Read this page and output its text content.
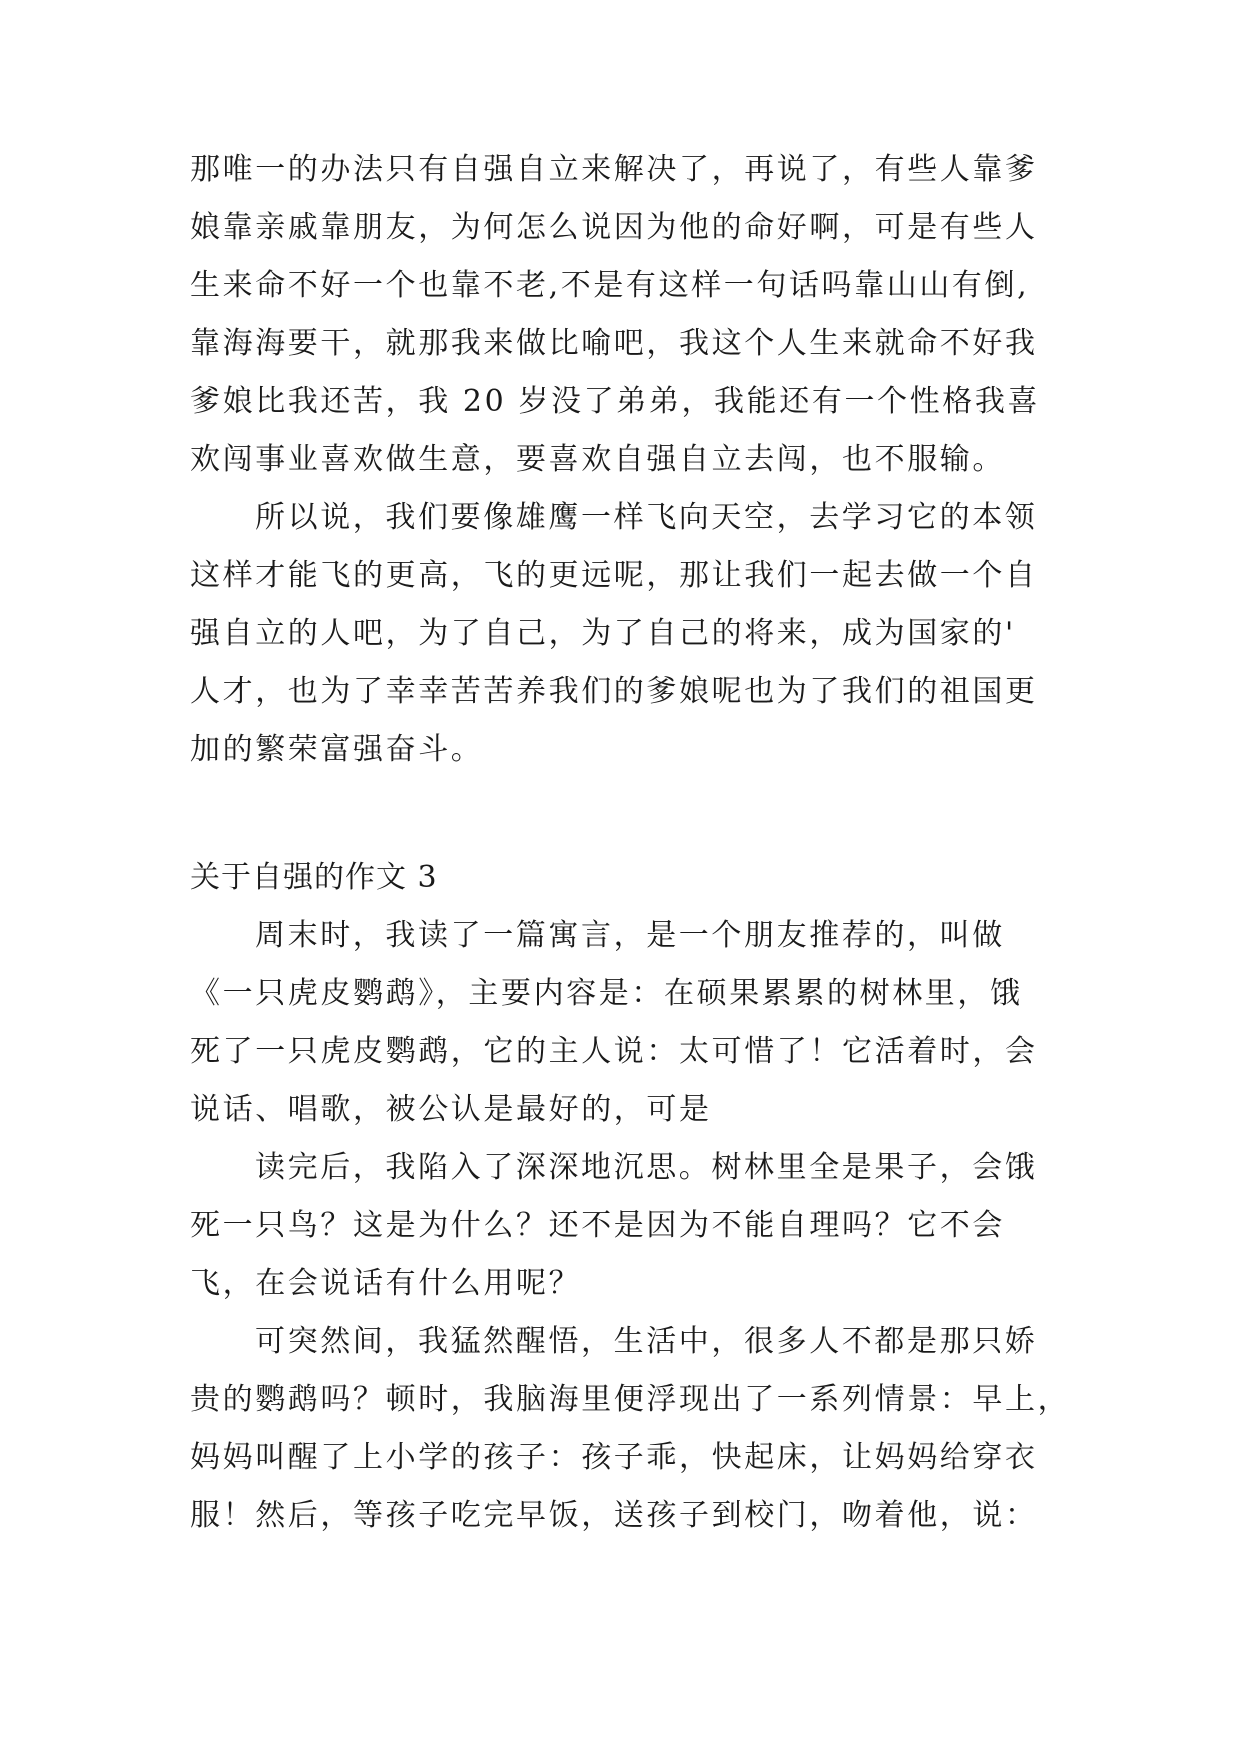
那唯一的办法只有自强自立来解决了，再说了，有些人靠爹
娘靠亲戚靠朋友，为何怎么说因为他的命好啊，可是有些人
生来命不好一个也靠不老,不是有这样一句话吗靠山山有倒,
靠海海要干，就那我来做比喻吧，我这个人生来就命不好我
爹娘比我还苦，我 20 岁没了弟弟，我能还有一个性格我喜
欢闯事业喜欢做生意，要喜欢自强自立去闯，也不服输。
所以说，我们要像雄鹰一样飞向天空，去学习它的本领
这样才能飞的更高，飞的更远呢，那让我们一起去做一个自
强自立的人吧，为了自己，为了自己的将来，成为国家的'
人才，也为了幸幸苦苦养我们的爹娘呢也为了我们的祖国更
加的繁荣富强奋斗。
关于自强的作文 3
周末时，我读了一篇寓言，是一个朋友推荐的，叫做
《一只虎皮鹦鹉》，主要内容是：在硕果累累的树林里，饿
死了一只虎皮鹦鹉，它的主人说：太可惜了！它活着时，会
说话、唱歌，被公认是最好的，可是
读完后，我陷入了深深地沉思。树林里全是果子，会饿
死一只鸟？这是为什么？还不是因为不能自理吗？它不会
飞，在会说话有什么用呢？
可突然间，我猛然醒悟，生活中，很多人不都是那只娇
贵的鹦鹉吗？顿时，我脑海里便浮现出了一系列情景：早上，
妈妈叫醒了上小学的孩子：孩子乖，快起床，让妈妈给穿衣
服！然后，等孩子吃完早饭，送孩子到校门，吻着他，说：
